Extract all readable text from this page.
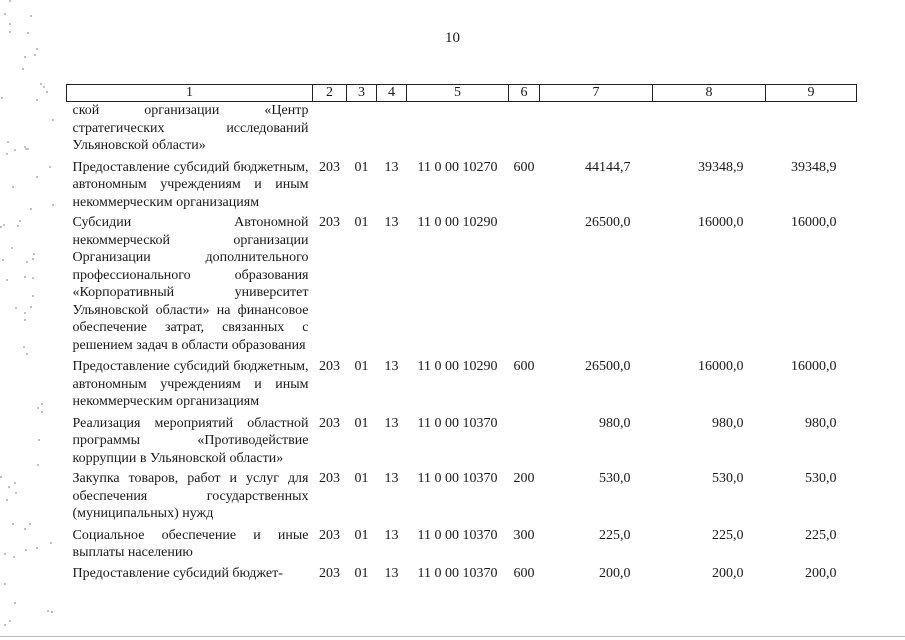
10
1	2	3	4	5	6	7	8	9
ской организации «Центр стратегических исследований Ульяновской области»								
Предоставление субсидий бюджетным, автономным учреждениям и иным некоммерческим организациям	203	01	13	11 0 00 10270	600	44144,7	39348,9	39348,9
Субсидии Автономной некоммерческой организации Организации дополнительного профессионального образования «Корпоративный университет Ульяновской области» на финансовое обеспечение затрат, связанных с решением задач в области образования	203	01	13	11 0 00 10290		26500,0	16000,0	16000,0
Предоставление субсидий бюджетным, автономным учреждениям и иным некоммерческим организациям	203	01	13	11 0 00 10290	600	26500,0	16000,0	16000,0
Реализация мероприятий областной программы «Противодействие коррупции в Ульяновской области»	203	01	13	11 0 00 10370		980,0	980,0	980,0
Закупка товаров, работ и услуг для обеспечения государственных (муниципальных) нужд	203	01	13	11 0 00 10370	200	530,0	530,0	530,0
Социальное обеспечение и иные выплаты населению	203	01	13	11 0 00 10370	300	225,0	225,0	225,0
Предоставление субсидий бюджет-	203	01	13	11 0 00 10370	600	200,0	200,0	200,0
